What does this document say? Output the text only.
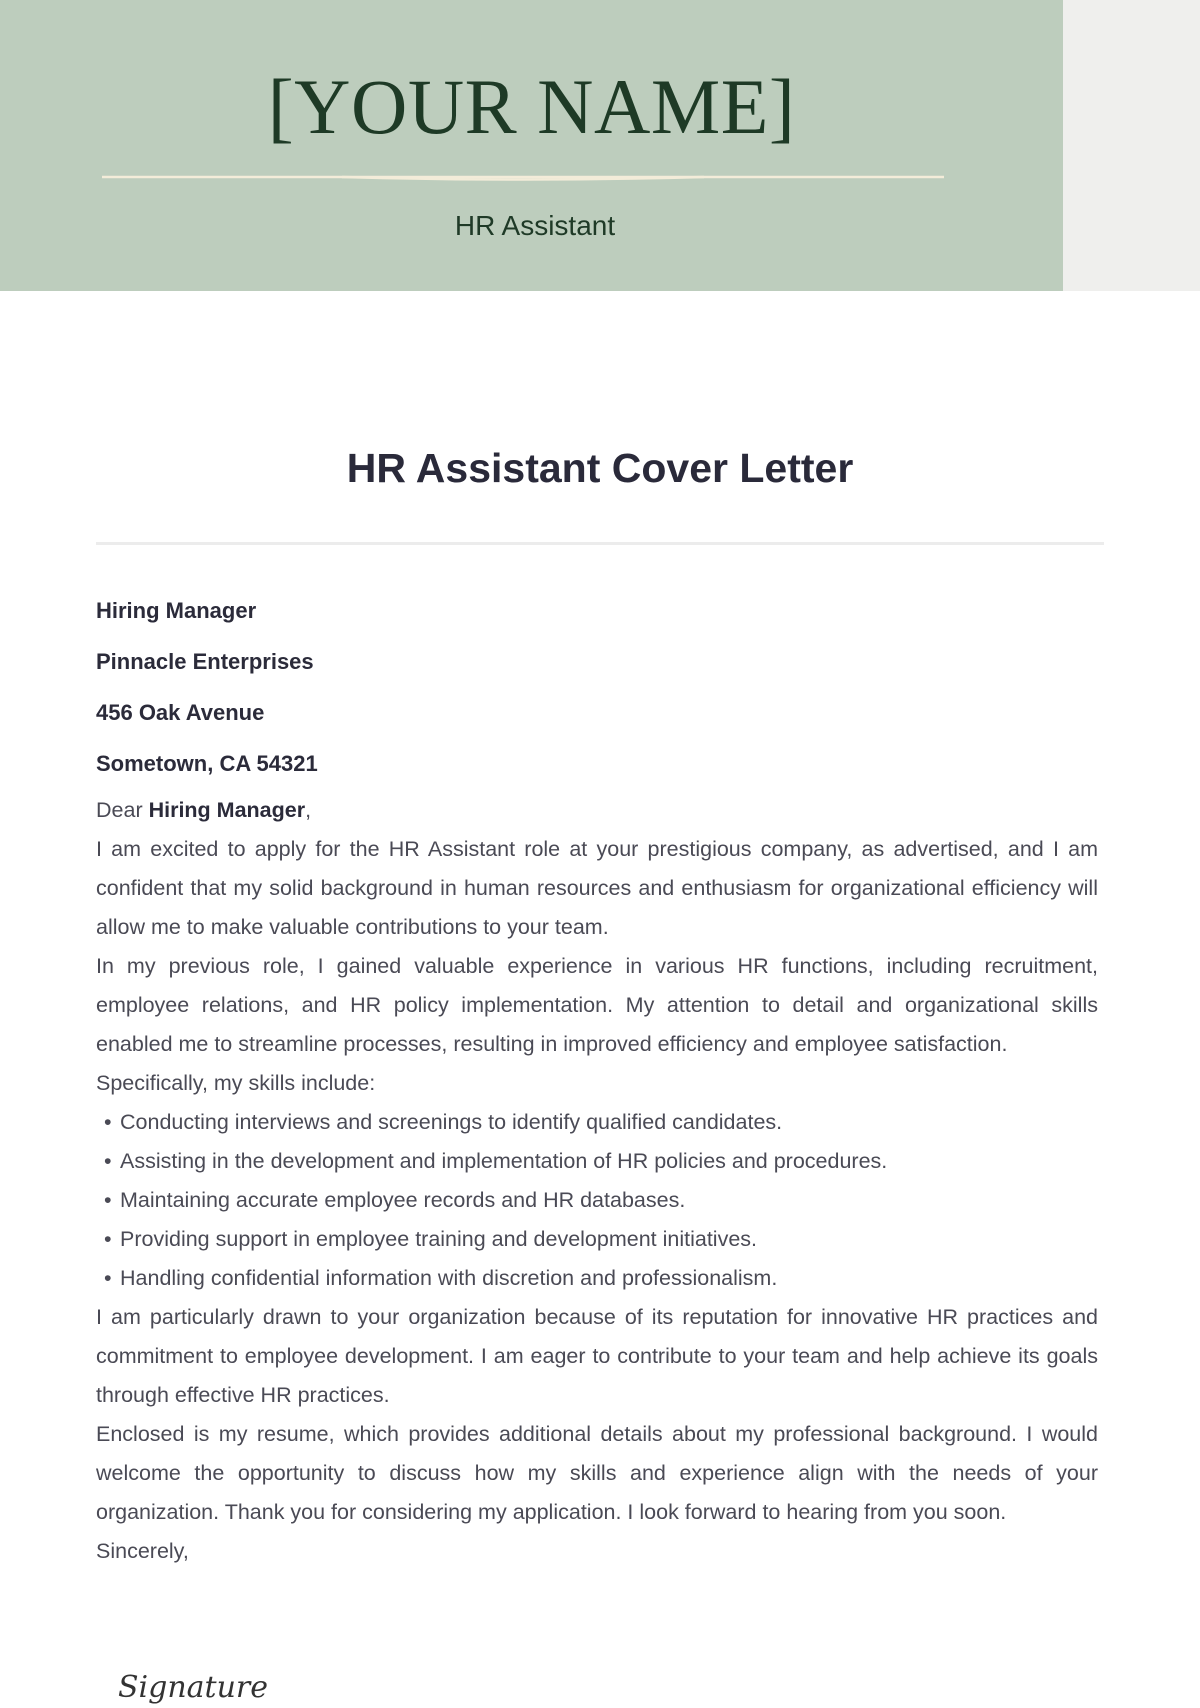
[YOUR NAME]
HR Assistant
HR Assistant Cover Letter
Hiring Manager
Pinnacle Enterprises
456 Oak Avenue
Sometown, CA 54321

Dear Hiring Manager,

I am excited to apply for the HR Assistant role at your prestigious company, as advertised, and I am confident that my solid background in human resources and enthusiasm for organizational efficiency will allow me to make valuable contributions to your team.

In my previous role, I gained valuable experience in various HR functions, including recruitment, employee relations, and HR policy implementation. My attention to detail and organizational skills enabled me to streamline processes, resulting in improved efficiency and employee satisfaction.

Specifically, my skills include:

• Conducting interviews and screenings to identify qualified candidates.
• Assisting in the development and implementation of HR policies and procedures.
• Maintaining accurate employee records and HR databases.
• Providing support in employee training and development initiatives.
• Handling confidential information with discretion and professionalism.

I am particularly drawn to your organization because of its reputation for innovative HR practices and commitment to employee development. I am eager to contribute to your team and help achieve its goals through effective HR practices.

Enclosed is my resume, which provides additional details about my professional background. I would welcome the opportunity to discuss how my skills and experience align with the needs of your organization. Thank you for considering my application. I look forward to hearing from you soon.

Sincerely,

Signature
